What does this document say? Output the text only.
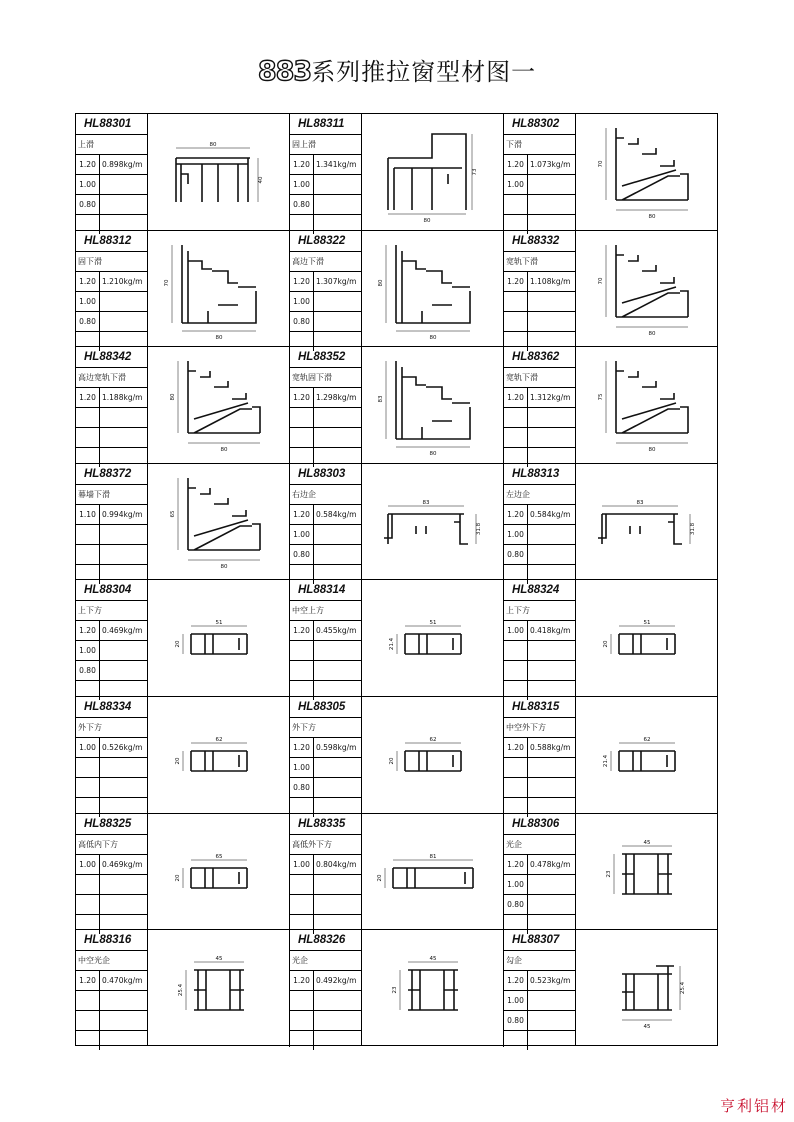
883系列推拉窗型材图一
HL88301
上滑
1.20 0.898kg/m
1.00
0.80
80
40
HL88311
固上滑
1.20 1.341kg/m
1.00
0.80
80
73
HL88302
下滑
1.20 1.073kg/m
1.00
80
70
HL88312
固下滑
1.20 1.210kg/m
1.00
0.80
80
70
HL88322
高边下滑
1.20 1.307kg/m
1.00
0.80
80
80
HL88332
宽轨下滑
1.20 1.108kg/m
80
70
HL88342
高边宽轨下滑
1.20 1.188kg/m
80
80
HL88352
宽轨固下滑
1.20 1.298kg/m
80
83
HL88362
宽轨下滑
1.20 1.312kg/m
80
75
HL88372
幕墙下滑
1.10 0.994kg/m
80
65
HL88303
右边企
1.20 0.584kg/m
1.00
0.80
83
31.8
HL88313
左边企
1.20 0.584kg/m
1.00
0.80
83
31.8
HL88304
上下方
1.20 0.469kg/m
1.00
0.80
51
20
HL88314
中空上方
1.20 0.455kg/m
51
21.4
HL88324
上下方
1.00 0.418kg/m
51
20
HL88334
外下方
1.00 0.526kg/m
62
20
HL88305
外下方
1.20 0.598kg/m
1.00
0.80
62
20
HL88315
中空外下方
1.20 0.588kg/m
62
21.4
HL88325
高低内下方
1.00 0.469kg/m
65
20
HL88335
高低外下方
1.00 0.804kg/m
81
20
HL88306
光企
1.20 0.478kg/m
1.00
0.80
45
23
HL88316
中空光企
1.20 0.470kg/m
45
25.4
HL88326
光企
1.20 0.492kg/m
45
23
HL88307
勾企
1.20 0.523kg/m
1.00
0.80
45
25.4
亨利铝材
